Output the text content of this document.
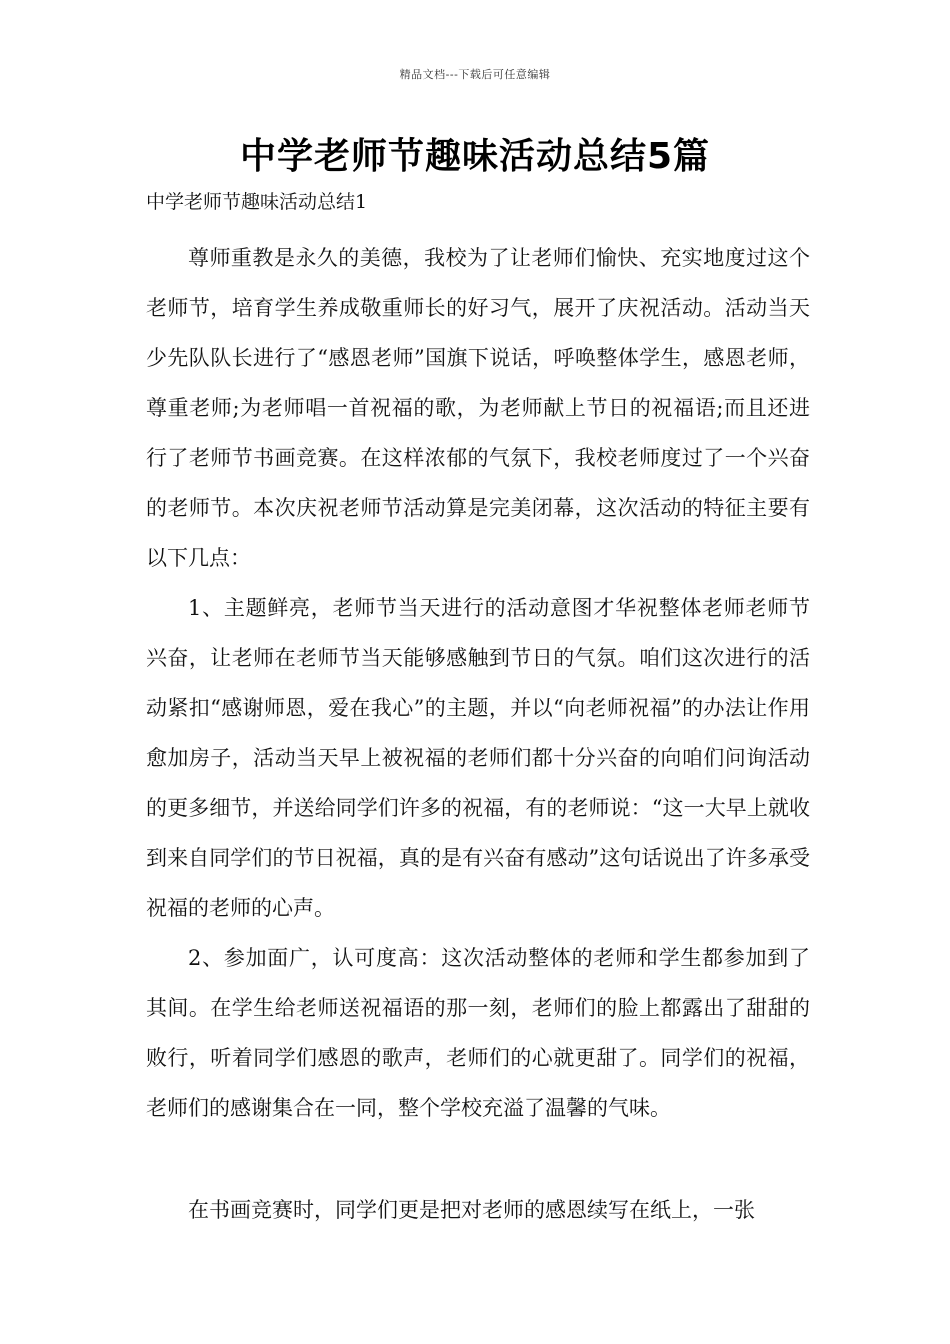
精品文档---下载后可任意编辑
中学老师节趣味活动总结5篇
中学老师节趣味活动总结1

尊师重教是永久的美德，我校为了让老师们愉快、充实地度过这个老师节，培育学生养成敬重师长的好习气，展开了庆祝活动。活动当天少先队队长进行了“感恩老师”国旗下说话，呼唤整体学生，感恩老师，尊重老师;为老师唱一首祝福的歌，为老师献上节日的祝福语;而且还进行了老师节书画竞赛。在这样浓郁的气氛下，我校老师度过了一个兴奋的老师节。本次庆祝老师节活动算是完美闭幕，这次活动的特征主要有以下几点：

1、主题鲜亮，老师节当天进行的活动意图才华祝整体老师老师节兴奋，让老师在老师节当天能够感触到节日的气氛。咱们这次进行的活动紧扣“感谢师恩，爱在我心”的主题，并以“向老师祝福”的办法让作用愈加房子，活动当天早上被祝福的老师们都十分兴奋的向咱们问询活动的更多细节，并送给同学们许多的祝福，有的老师说：“这一大早上就收到来自同学们的节日祝福，真的是有兴奋有感动”这句话说出了许多承受祝福的老师的心声。

2、参加面广，认可度高：这次活动整体的老师和学生都参加到了其间。在学生给老师送祝福语的那一刻，老师们的脸上都露出了甜甜的败行，听着同学们感恩的歌声，老师们的心就更甜了。同学们的祝福，老师们的感谢集合在一同，整个学校充溢了温馨的气味。

在书画竞赛时，同学们更是把对老师的感恩续写在纸上，一张
